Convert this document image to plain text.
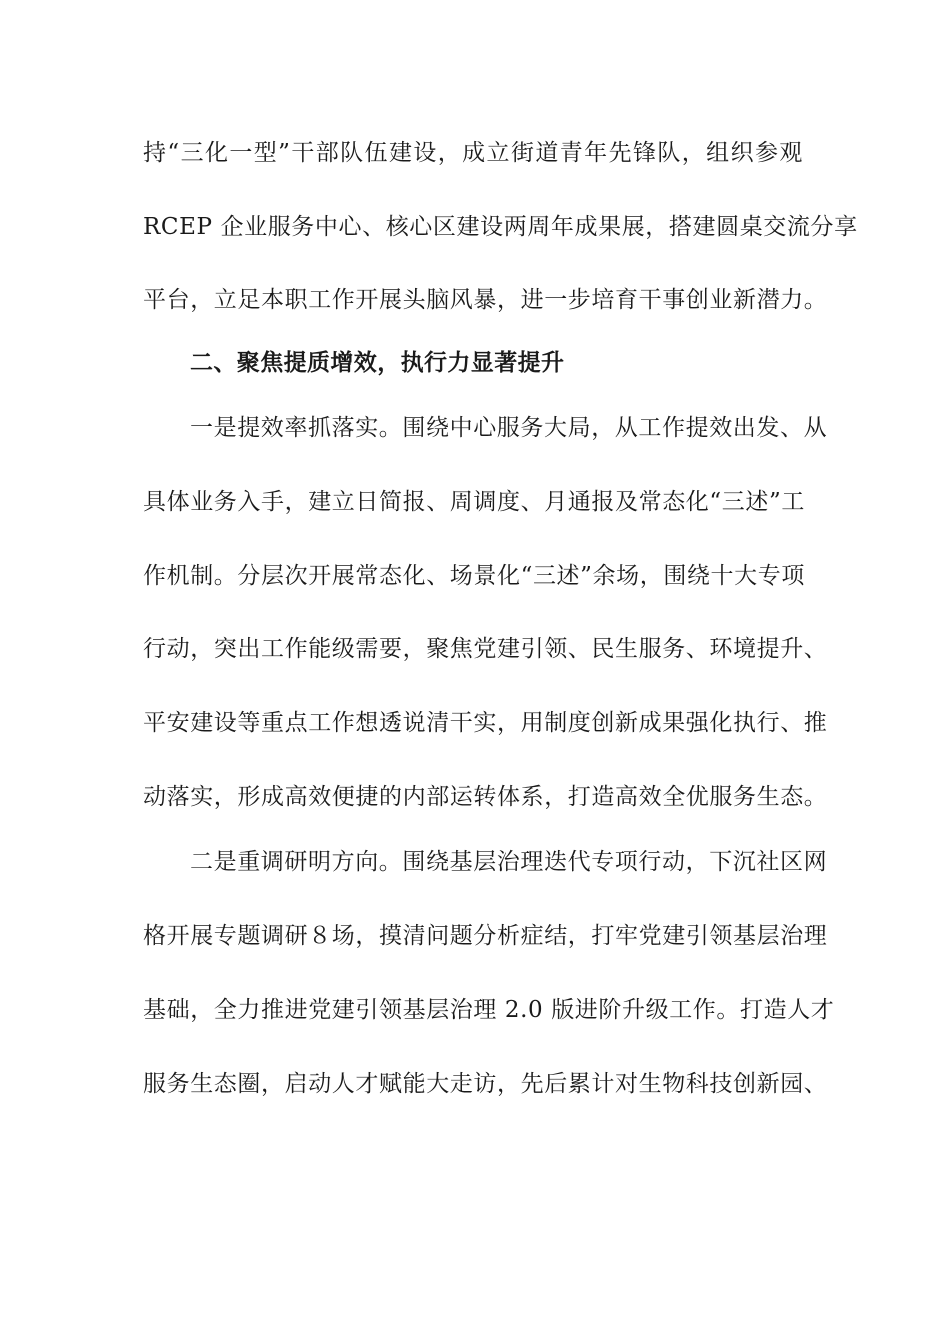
持“三化一型”干部队伍建设，成立街道青年先锋队，组织参观
RCEP 企业服务中心、核心区建设两周年成果展，搭建圆桌交流分享
平台，立足本职工作开展头脑风暴，进一步培育干事创业新潜力。
二、聚焦提质增效，执行力显著提升
一是提效率抓落实。围绕中心服务大局，从工作提效出发、从
具体业务入手，建立日简报、周调度、月通报及常态化“三述”工
作机制。分层次开展常态化、场景化“三述”余场，围绕十大专项
行动，突出工作能级需要，聚焦党建引领、民生服务、环境提升、
平安建设等重点工作想透说清干实，用制度创新成果强化执行、推
动落实，形成高效便捷的内部运转体系，打造高效全优服务生态。
二是重调研明方向。围绕基层治理迭代专项行动，下沉社区网
格开展专题调研８场，摸清问题分析症结，打牢党建引领基层治理
基础，全力推进党建引领基层治理 2.0 版进阶升级工作。打造人才
服务生态圈，启动人才赋能大走访，先后累计对生物科技创新园、
